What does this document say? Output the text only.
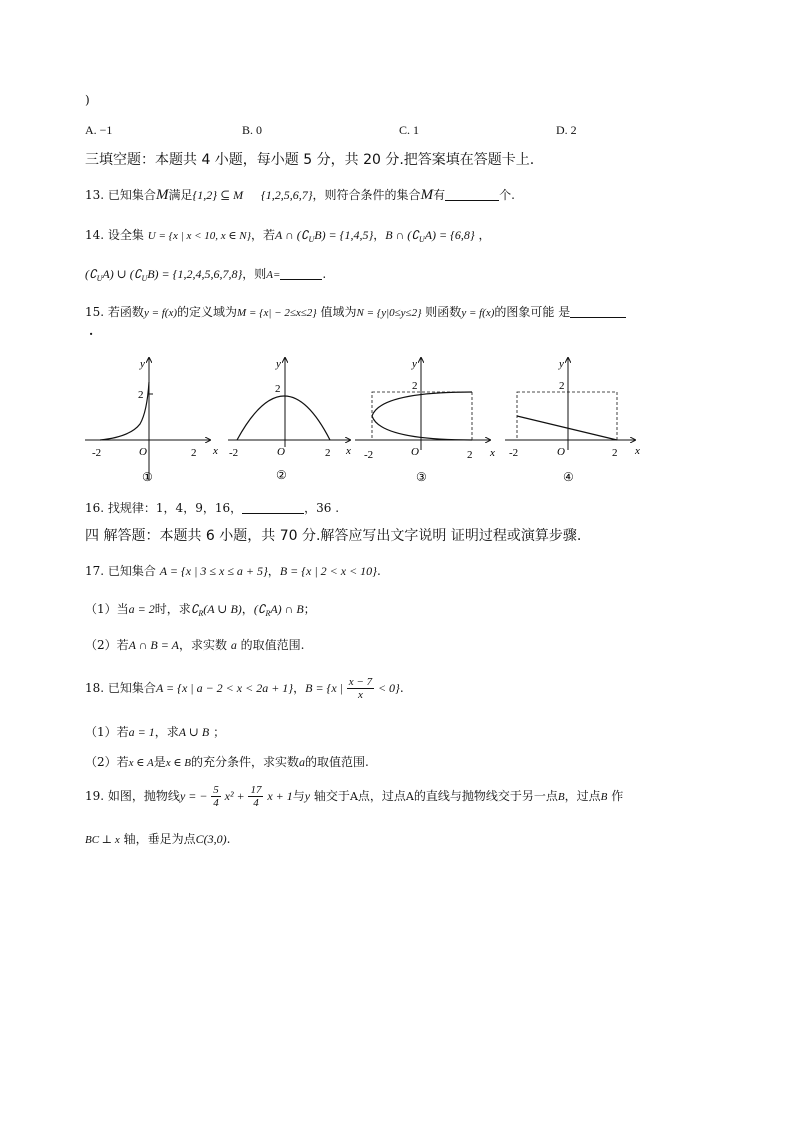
)
A. −1	B. 0	C. 1	D. 2
三填空题：本题共 4 小题，每小题 5 分，共 20 分.把答案填在答题卡上.
13. 已知集合M满足{1,2} ⊆ M {1,2,5,6,7}，则符合条件的集合M有	个.
14. 设全集 U = {x | x < 10, x ∈ N}，若A ∩ $(∁_UB) = \{1,4,5\}$，B ∩ $(∁_UA) = \{6,8\}$ ，
$(∁_UA)$ ∪ $(∁_UB) = \{1,2,4,5,6,7,8\}$，则A=	.
15. 若函数y = f(x)的定义域为M = {x| − 2≤x≤2} 值域为N = {y|0≤y≤2} 则函数y = f(x)的图象可能 是
.
y
2
-2	O	2 x
①
y
2
-2	O	2 x
②
y
2
-2	O	2 x
③
y
2
-2	O	2 x
④
16. 找规律：1，4，9，16，	，36 .
四 解答题：本题共 6 小题，共 70 分.解答应写出文字说明 证明过程或演算步骤.
17. 已知集合 A = {x | 3 ≤ x ≤ a + 5}，B = {x | 2 < x < 10}.
（1）当a = 2时，求$∁_R(A$ ∪ B)，$(∁_RA)$ ∩ B；
（2）若A ∩ B = A，求实数 a 的取值范围.
18. 已知集合A = {x | a − 2 < x < 2a + 1}，B = {x | $\frac{x - 7}{x} < 0$}.
（1）若a = 1，求A ∪ B ；
（2）若x ∈ A是x ∈ B的充分条件，求实数a的取值范围.
19. 如图，抛物线y = − $\frac{5}{4} x^2 + \frac{17}{4}$ x + 1与y 轴交于A点，过点A的直线与抛物线交于另一点B，过点B 作
BC ⊥ x 轴，垂足为点C(3,0).
